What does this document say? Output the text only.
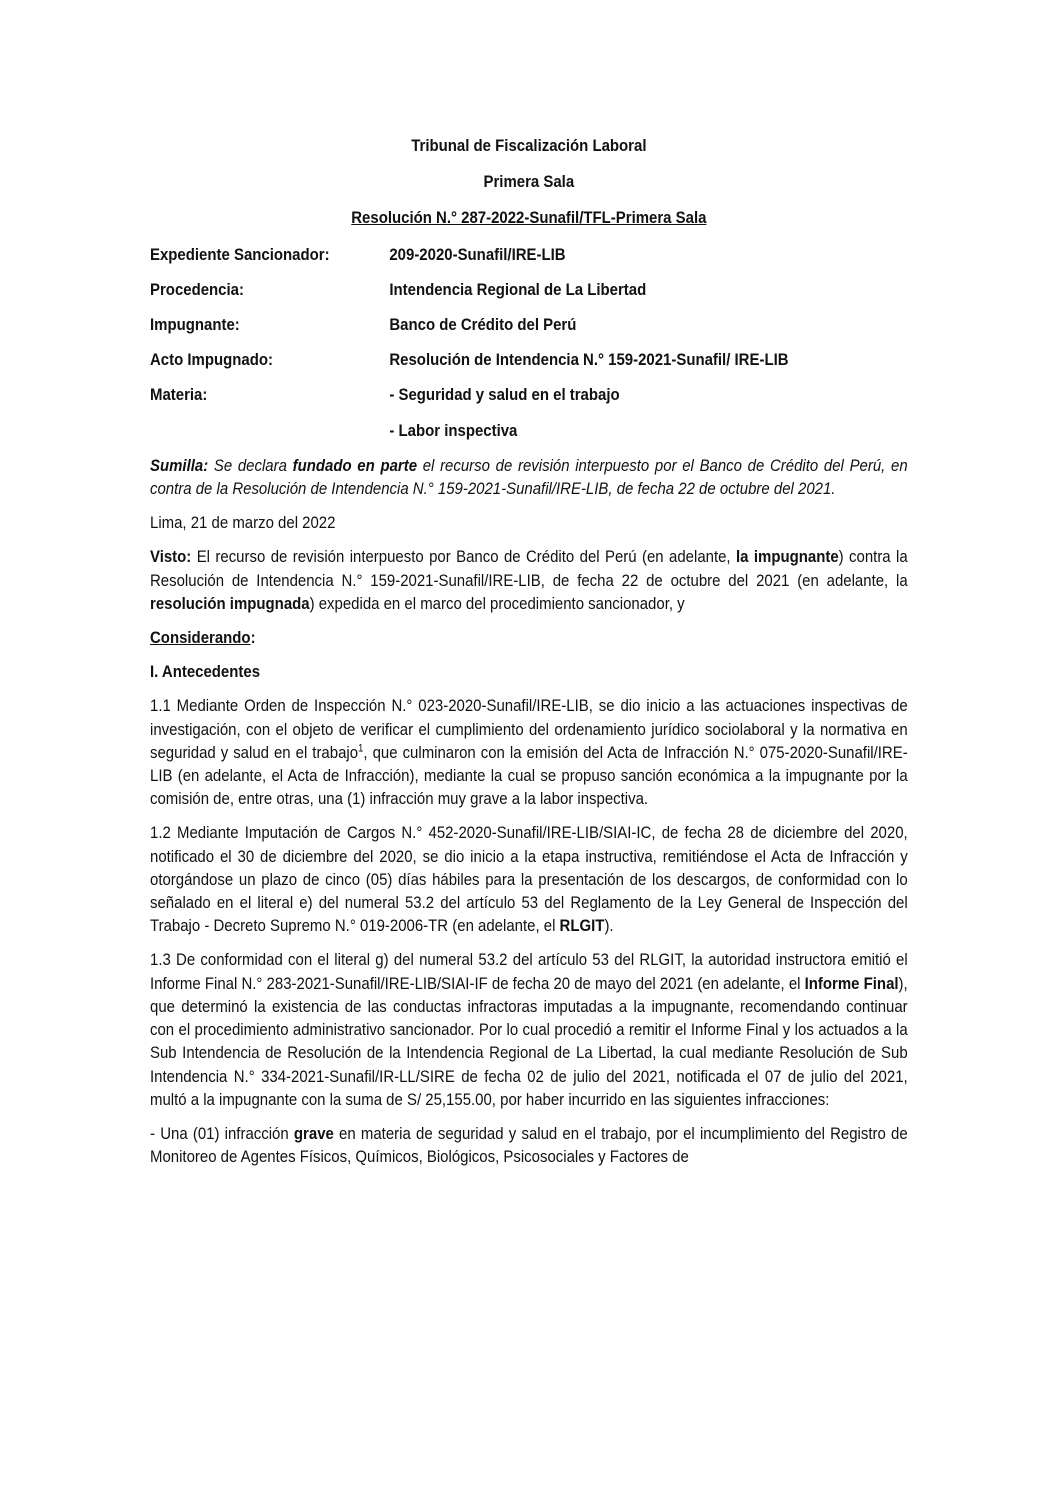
Tribunal de Fiscalización Laboral
Primera Sala
Resolución N.° 287-2022-Sunafil/TFL-Primera Sala
Expediente Sancionador:	209-2020-Sunafil/IRE-LIB
Procedencia:	Intendencia Regional de La Libertad
Impugnante:	Banco de Crédito del Perú
Acto Impugnado:	Resolución de Intendencia N.° 159-2021-Sunafil/ IRE-LIB
Materia:	- Seguridad y salud en el trabajo
- Labor inspectiva

Sumilla: Se declara fundado en parte el recurso de revisión interpuesto por el Banco de Crédito del Perú, en contra de la Resolución de Intendencia N.° 159-2021-Sunafil/IRE-LIB, de fecha 22 de octubre del 2021.

Lima, 21 de marzo del 2022

Visto: El recurso de revisión interpuesto por Banco de Crédito del Perú (en adelante, la impugnante) contra la Resolución de Intendencia N.° 159-2021-Sunafil/IRE-LIB, de fecha 22 de octubre del 2021 (en adelante, la resolución impugnada) expedida en el marco del procedimiento sancionador, y

Considerando:
I. Antecedentes

1.1 Mediante Orden de Inspección N.° 023-2020-Sunafil/IRE-LIB, se dio inicio a las actuaciones inspectivas de investigación, con el objeto de verificar el cumplimiento del ordenamiento jurídico sociolaboral y la normativa en seguridad y salud en el trabajo$^1$, que culminaron con la emisión del Acta de Infracción N.° 075-2020-Sunafil/IRE-LIB (en adelante, el Acta de Infracción), mediante la cual se propuso sanción económica a la impugnante por la comisión de, entre otras, una (1) infracción muy grave a la labor inspectiva.

1.2 Mediante Imputación de Cargos N.° 452-2020-Sunafil/IRE-LIB/SIAI-IC, de fecha 28 de diciembre del 2020, notificado el 30 de diciembre del 2020, se dio inicio a la etapa instructiva, remitiéndose el Acta de Infracción y otorgándose un plazo de cinco (05) días hábiles para la presentación de los descargos, de conformidad con lo señalado en el literal e) del numeral 53.2 del artículo 53 del Reglamento de la Ley General de Inspección del Trabajo - Decreto Supremo N.° 019-2006-TR (en adelante, el RLGIT).

1.3 De conformidad con el literal g) del numeral 53.2 del artículo 53 del RLGIT, la autoridad instructora emitió el Informe Final N.° 283-2021-Sunafil/IRE-LIB/SIAI-IF de fecha 20 de mayo del 2021 (en adelante, el Informe Final), que determinó la existencia de las conductas infractoras imputadas a la impugnante, recomendando continuar con el procedimiento administrativo sancionador. Por lo cual procedió a remitir el Informe Final y los actuados a la Sub Intendencia de Resolución de la Intendencia Regional de La Libertad, la cual mediante Resolución de Sub Intendencia N.° 334-2021-Sunafil/IR-LL/SIRE de fecha 02 de julio del 2021, notificada el 07 de julio del 2021, multó a la impugnante con la suma de S/ 25,155.00, por haber incurrido en las siguientes infracciones:

- Una (01) infracción grave en materia de seguridad y salud en el trabajo, por el incumplimiento del Registro de Monitoreo de Agentes Físicos, Químicos, Biológicos, Psicosociales y Factores de
